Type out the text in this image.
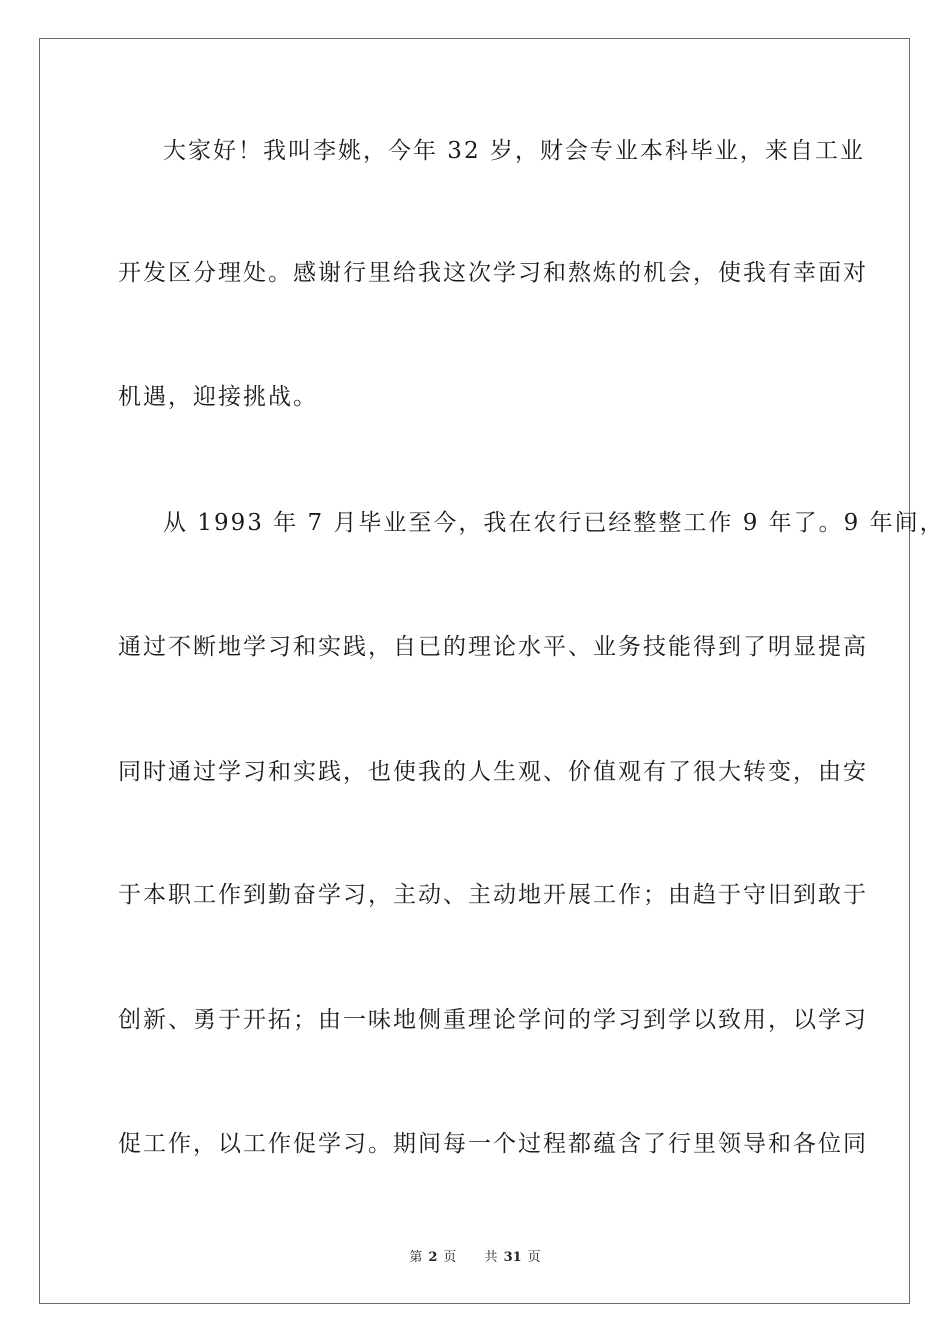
大家好！我叫李姚，今年 32 岁，财会专业本科毕业，来自工业
开发区分理处。感谢行里给我这次学习和熬炼的机会，使我有幸面对
机遇，迎接挑战。
从 1993 年 7 月毕业至今，我在农行已经整整工作 9 年了。9 年间，
通过不断地学习和实践，自已的理论水平、业务技能得到了明显提高
同时通过学习和实践，也使我的人生观、价值观有了很大转变，由安
于本职工作到勤奋学习，主动、主动地开展工作；由趋于守旧到敢于
创新、勇于开拓；由一味地侧重理论学问的学习到学以致用，以学习
促工作，以工作促学习。期间每一个过程都蕴含了行里领导和各位同
第 2 页 共 31 页
